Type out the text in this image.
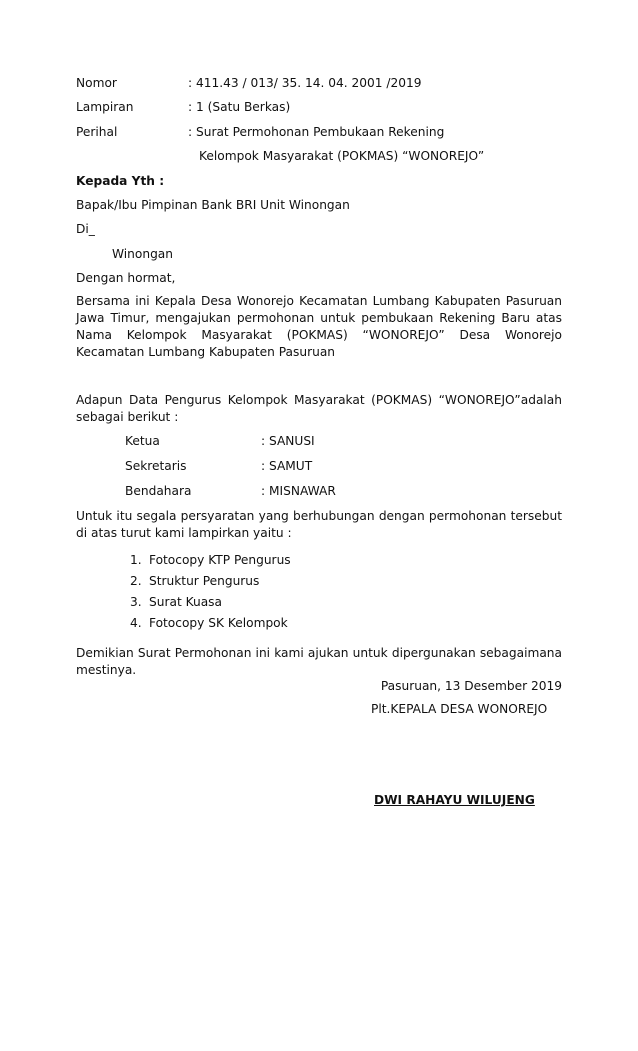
Nomor	: 411.43 / 013/ 35. 14. 04. 2001 /2019
Lampiran	: 1 (Satu Berkas)
Perihal	: Surat Permohonan Pembukaan Rekening
Kelompok Masyarakat (POKMAS) “WONOREJO”
Kepada Yth :
Bapak/Ibu Pimpinan Bank BRI Unit Winongan
Di_
Winongan
Dengan hormat,
Bersama ini Kepala Desa Wonorejo Kecamatan Lumbang Kabupaten Pasuruan Jawa Timur, mengajukan permohonan untuk pembukaan Rekening Baru atas Nama Kelompok Masyarakat (POKMAS) “WONOREJO” Desa Wonorejo Kecamatan Lumbang Kabupaten Pasuruan
Adapun Data Pengurus Kelompok Masyarakat (POKMAS) “WONOREJO”adalah sebagai berikut :
Ketua	: SANUSI
Sekretaris	: SAMUT
Bendahara	: MISNAWAR
Untuk itu segala persyaratan yang berhubungan dengan permohonan tersebut di atas turut kami lampirkan yaitu :
1. Fotocopy KTP Pengurus
2. Struktur Pengurus
3. Surat Kuasa
4. Fotocopy SK Kelompok
Demikian Surat Permohonan ini kami ajukan untuk dipergunakan sebagaimana mestinya.
Pasuruan, 13 Desember 2019
Plt.KEPALA DESA WONOREJO
DWI RAHAYU WILUJENG
